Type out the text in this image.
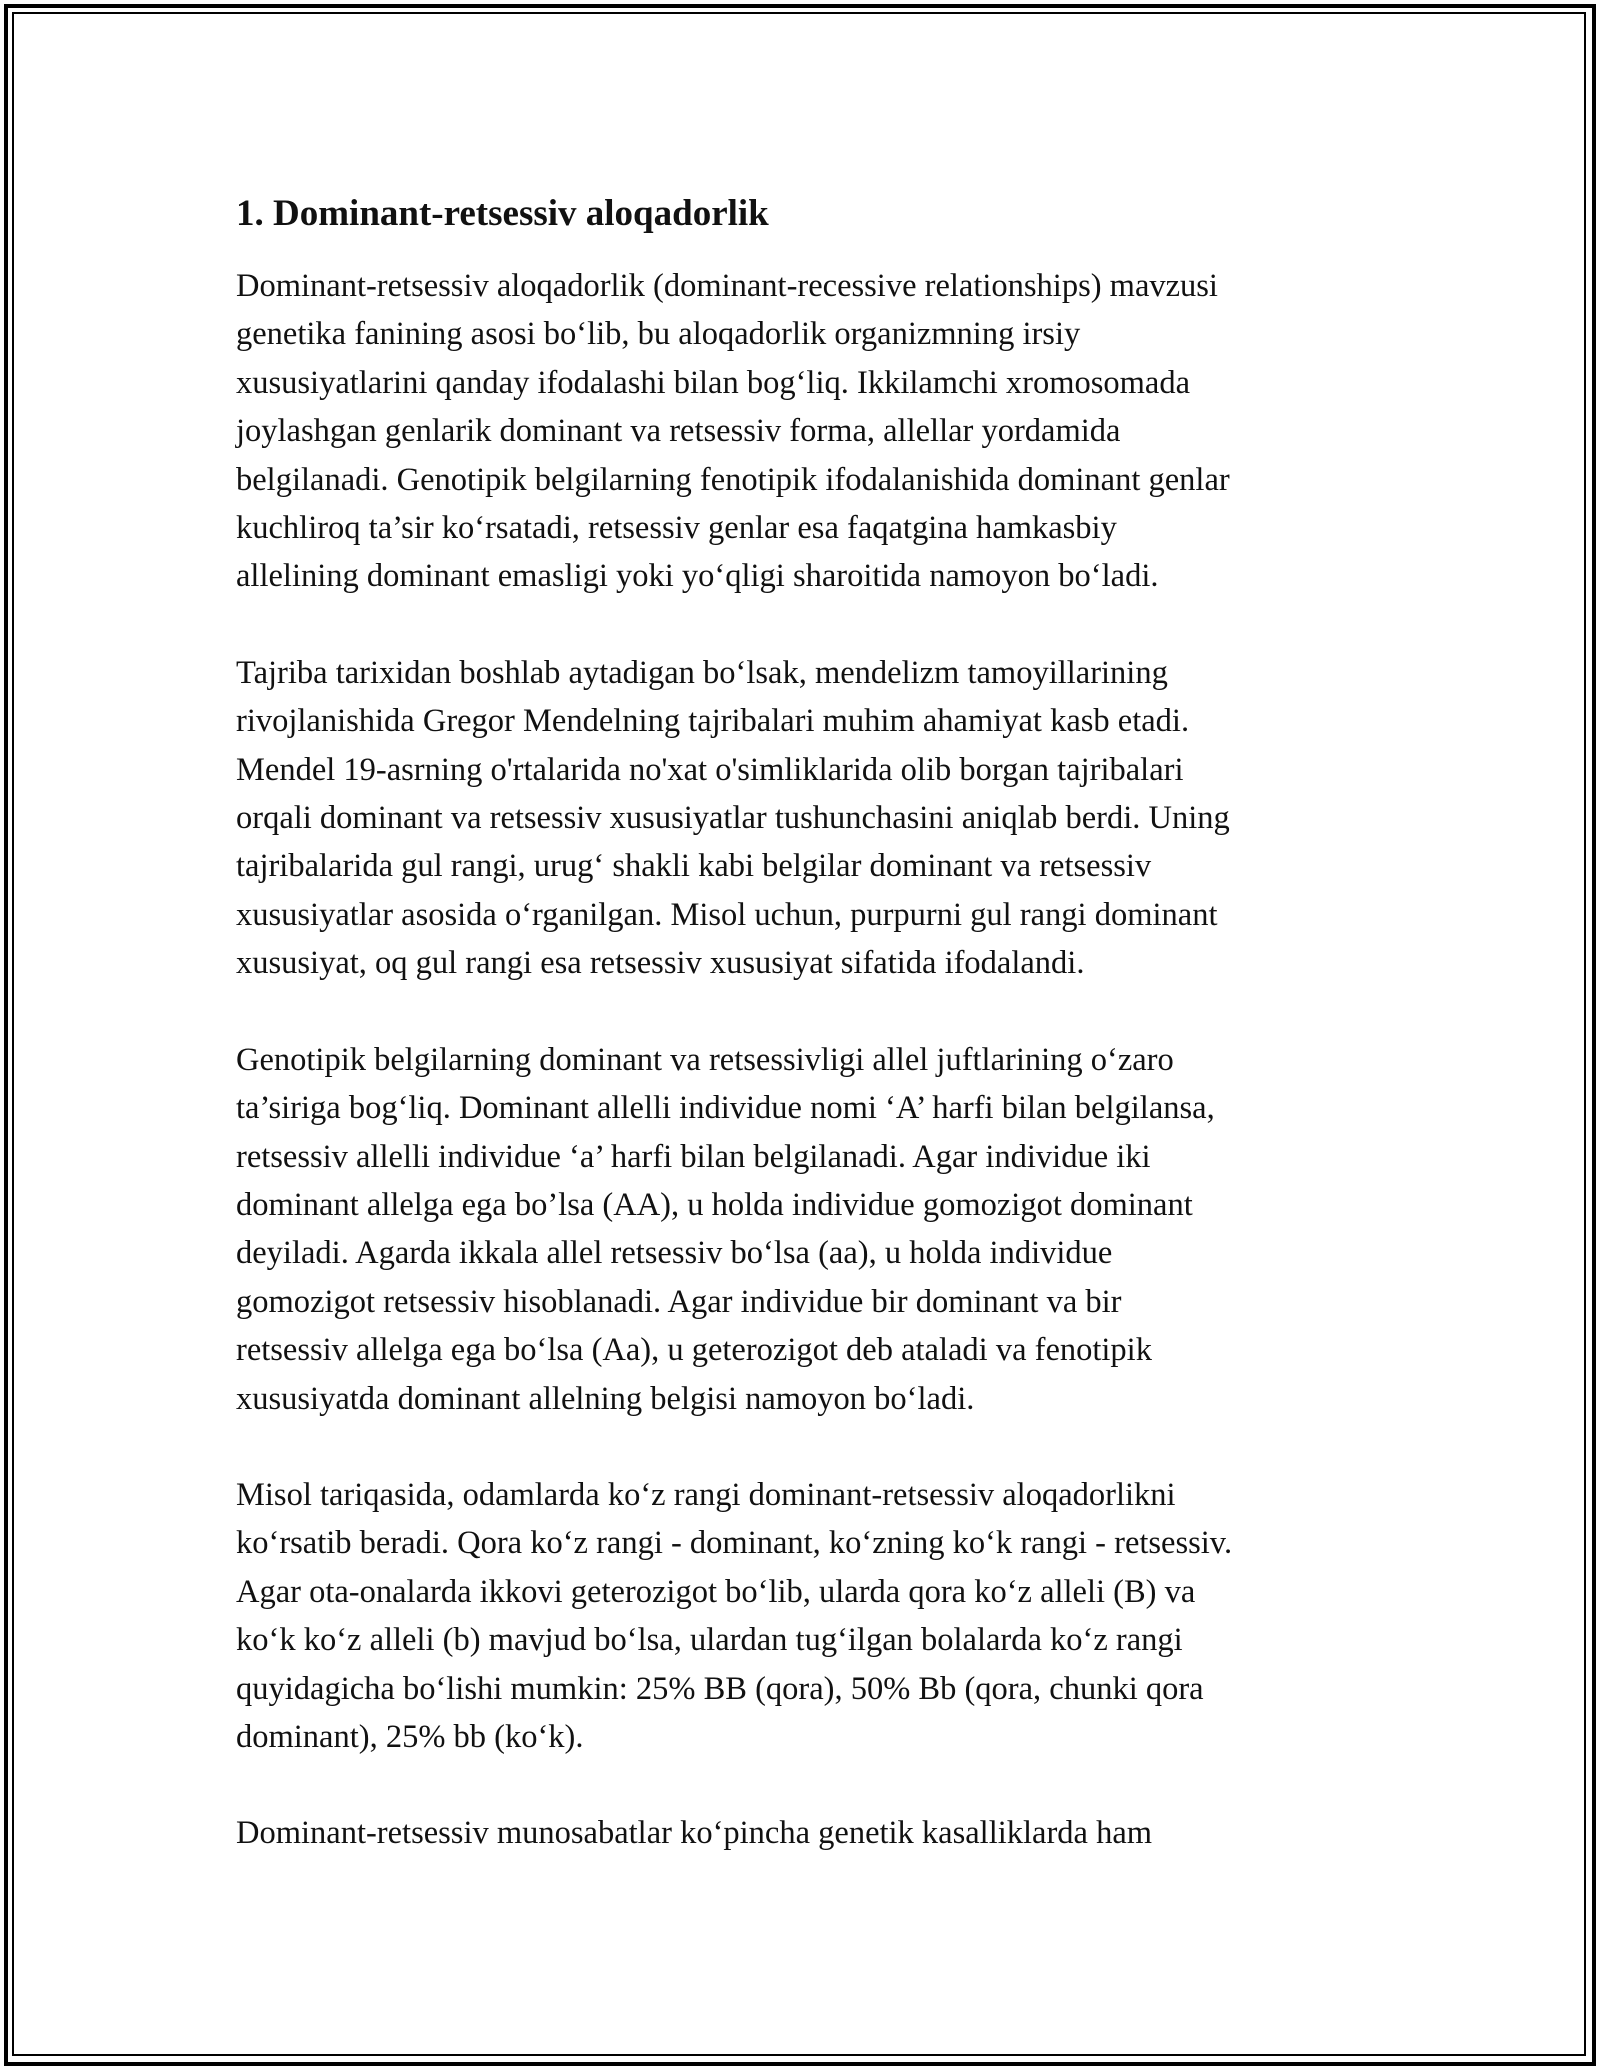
1. Dominant-retsessiv aloqadorlik

Dominant-retsessiv aloqadorlik (dominant-recessive relationships) mavzusi
genetika fanining asosi bo‘lib, bu aloqadorlik organizmning irsiy
xususiyatlarini qanday ifodalashi bilan bog‘liq. Ikkilamchi xromosomada
joylashgan genlarik dominant va retsessiv forma, allellar yordamida
belgilanadi. Genotipik belgilarning fenotipik ifodalanishida dominant genlar
kuchliroq ta’sir ko‘rsatadi, retsessiv genlar esa faqatgina hamkasbiy
allelining dominant emasligi yoki yo‘qligi sharoitida namoyon bo‘ladi.

Tajriba tarixidan boshlab aytadigan bo‘lsak, mendelizm tamoyillarining
rivojlanishida Gregor Mendelning tajribalari muhim ahamiyat kasb etadi.
Mendel 19-asrning o'rtalarida no'xat o'simliklarida olib borgan tajribalari
orqali dominant va retsessiv xususiyatlar tushunchasini aniqlab berdi. Uning
tajribalarida gul rangi, urug‘ shakli kabi belgilar dominant va retsessiv
xususiyatlar asosida o‘rganilgan. Misol uchun, purpurni gul rangi dominant
xususiyat, oq gul rangi esa retsessiv xususiyat sifatida ifodalandi.

Genotipik belgilarning dominant va retsessivligi allel juftlarining o‘zaro
ta’siriga bog‘liq. Dominant allelli individue nomi ‘A’ harfi bilan belgilansa,
retsessiv allelli individue ‘a’ harfi bilan belgilanadi. Agar individue iki
dominant allelga ega bo’lsa (AA), u holda individue gomozigot dominant
deyiladi. Agarda ikkala allel retsessiv bo‘lsa (aa), u holda individue
gomozigot retsessiv hisoblanadi. Agar individue bir dominant va bir
retsessiv allelga ega bo‘lsa (Aa), u geterozigot deb ataladi va fenotipik
xususiyatda dominant allelning belgisi namoyon bo‘ladi.

Misol tariqasida, odamlarda ko‘z rangi dominant-retsessiv aloqadorlikni
ko‘rsatib beradi. Qora ko‘z rangi - dominant, ko‘zning ko‘k rangi - retsessiv.
Agar ota-onalarda ikkovi geterozigot bo‘lib, ularda qora ko‘z alleli (B) va
ko‘k ko‘z alleli (b) mavjud bo‘lsa, ulardan tug‘ilgan bolalarda ko‘z rangi
quyidagicha bo‘lishi mumkin: 25% BB (qora), 50% Bb (qora, chunki qora
dominant), 25% bb (ko‘k).

Dominant-retsessiv munosabatlar ko‘pincha genetik kasalliklarda ham
